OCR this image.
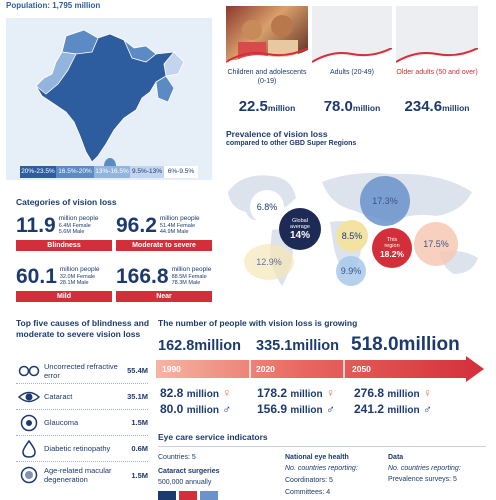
Population: 1,795 million
20%-23.5% 16.5%-20% 13%-16.5% 9.5%-13% 6%-9.5%
Children and adolescents (0-19)
22.5million
Adults (20-49)
78.0million
Older adults (50 and over)
234.6million
Prevalence of vision loss
compared to other GBD Super Regions
6.8%
17.3%
Global average
14%	8.5%	This region
18.2%
17.5%
12.9%
9.9%
Categories of vision loss
11.9 million people
6.4M Female
5.6M Male
Blindness
96.2 million people
51.4M Female
44.9M Male
Moderate to severe
60.1 million people
32.0M Female
28.1M Male
Mild
166.8 million people
88.5M Female
78.3M Male
Near
Top five causes of blindness and moderate to severe vision loss
Uncorrected refractive error	55.4M
Cataract	35.1M
Glaucoma	1.5M
Diabetic retinopathy	0.6M
Age-related macular degeneration	1.5M
The number of people with vision loss is growing
162.8million 335.1million 518.0million
1990	2020	2050
82.8 million ♀ 178.2 million ♀ 276.8 million ♀
80.0 million ♂ 156.9 million ♂ 241.2 million ♂
Eye care service indicators
Countries: 5
Cataract surgeries
500,000 annually
National eye health
No. countries reporting:
Coordinators: 5
Committees: 4
Data
No. countries reporting:
Prevalence surveys: 5
